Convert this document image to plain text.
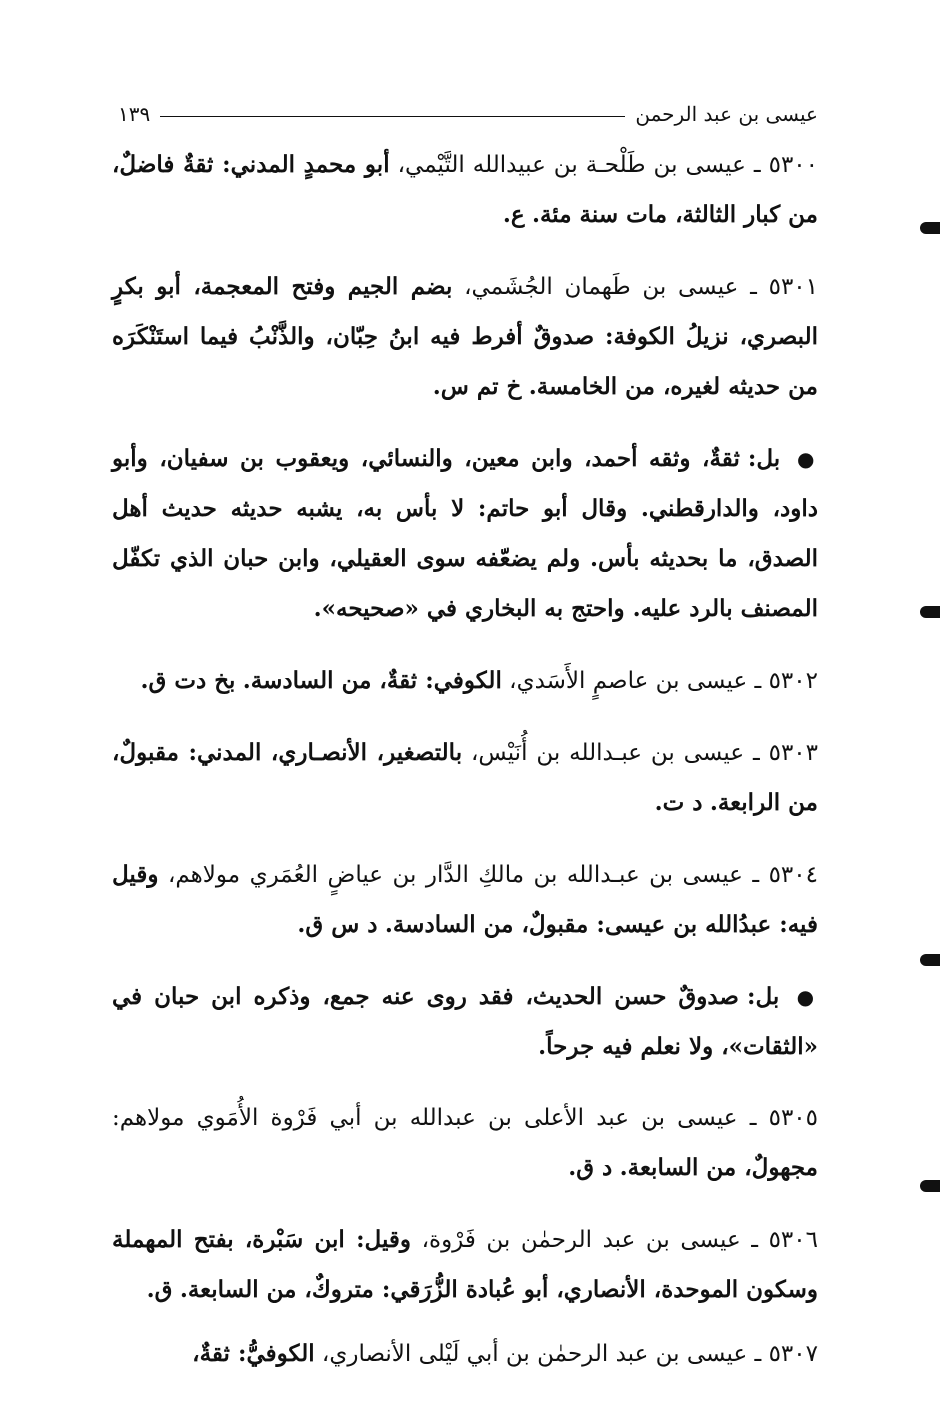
١٣٩	عيسى بن عبد الرحمن

٥٣٠٠ ـ عيسى بن طَلْحـة بن عبيدالله التَّيْمي، أبو محمدٍ المدني: ثقةٌ فاضلٌ، من كبار الثالثة، مات سنة مئة. ع.

٥٣٠١ ـ عيسى بن طَهمان الجُشَمي، بضم الجيم وفتح المعجمة، أبو بكرٍ البصري، نزيلُ الكوفة: صدوقٌ أفرط فيه ابنُ حِبّان، والذَّنْبُ فيما استَنْكَرَه من حديثه لغيره، من الخامسة. خ تم س.

● بل: ثقةٌ، وثقه أحمد، وابن معين، والنسائي، ويعقوب بن سفيان، وأبو داود، والدارقطني. وقال أبو حاتم: لا بأس به، يشبه حديثه حديث أهل الصدق، ما بحديثه بأس. ولم يضعّفه سوى العقيلي، وابن حبان الذي تكفّل المصنف بالرد عليه. واحتج به البخاري في «صحيحه».

٥٣٠٢ ـ عيسى بن عاصمٍ الأَسَدي، الكوفي: ثقةٌ، من السادسة. بخ دت ق.

٥٣٠٣ ـ عيسى بن عبـدالله بن أُنَيْس، بالتصغير، الأنصـاري، المدني: مقبولٌ، من الرابعة. د ت.

٥٣٠٤ ـ عيسى بن عبـدالله بن مالكِ الدَّار بن عياضٍ العُمَري مولاهم، وقيل فيه: عبدُالله بن عيسى: مقبولٌ، من السادسة. د س ق.

● بل: صدوقٌ حسن الحديث، فقد روى عنه جمع، وذكره ابن حبان في «الثقات»، ولا نعلم فيه جرحاً.

٥٣٠٥ ـ عيسى بن عبد الأعلى بن عبدالله بن أبي فَرْوة الأُمَوي مولاهم: مجهولٌ، من السابعة. د ق.

٥٣٠٦ ـ عيسى بن عبد الرحمٰن بن فَرْوة، وقيل: ابن سَبْرة، بفتح المهملة وسكون الموحدة، الأنصاري، أبو عُبادة الزُّرَقي: متروكٌ، من السابعة. ق.

٥٣٠٧ ـ عيسى بن عبد الرحمٰن بن أبي لَيْلى الأنصاري، الكوفيُّ: ثقةٌ،
